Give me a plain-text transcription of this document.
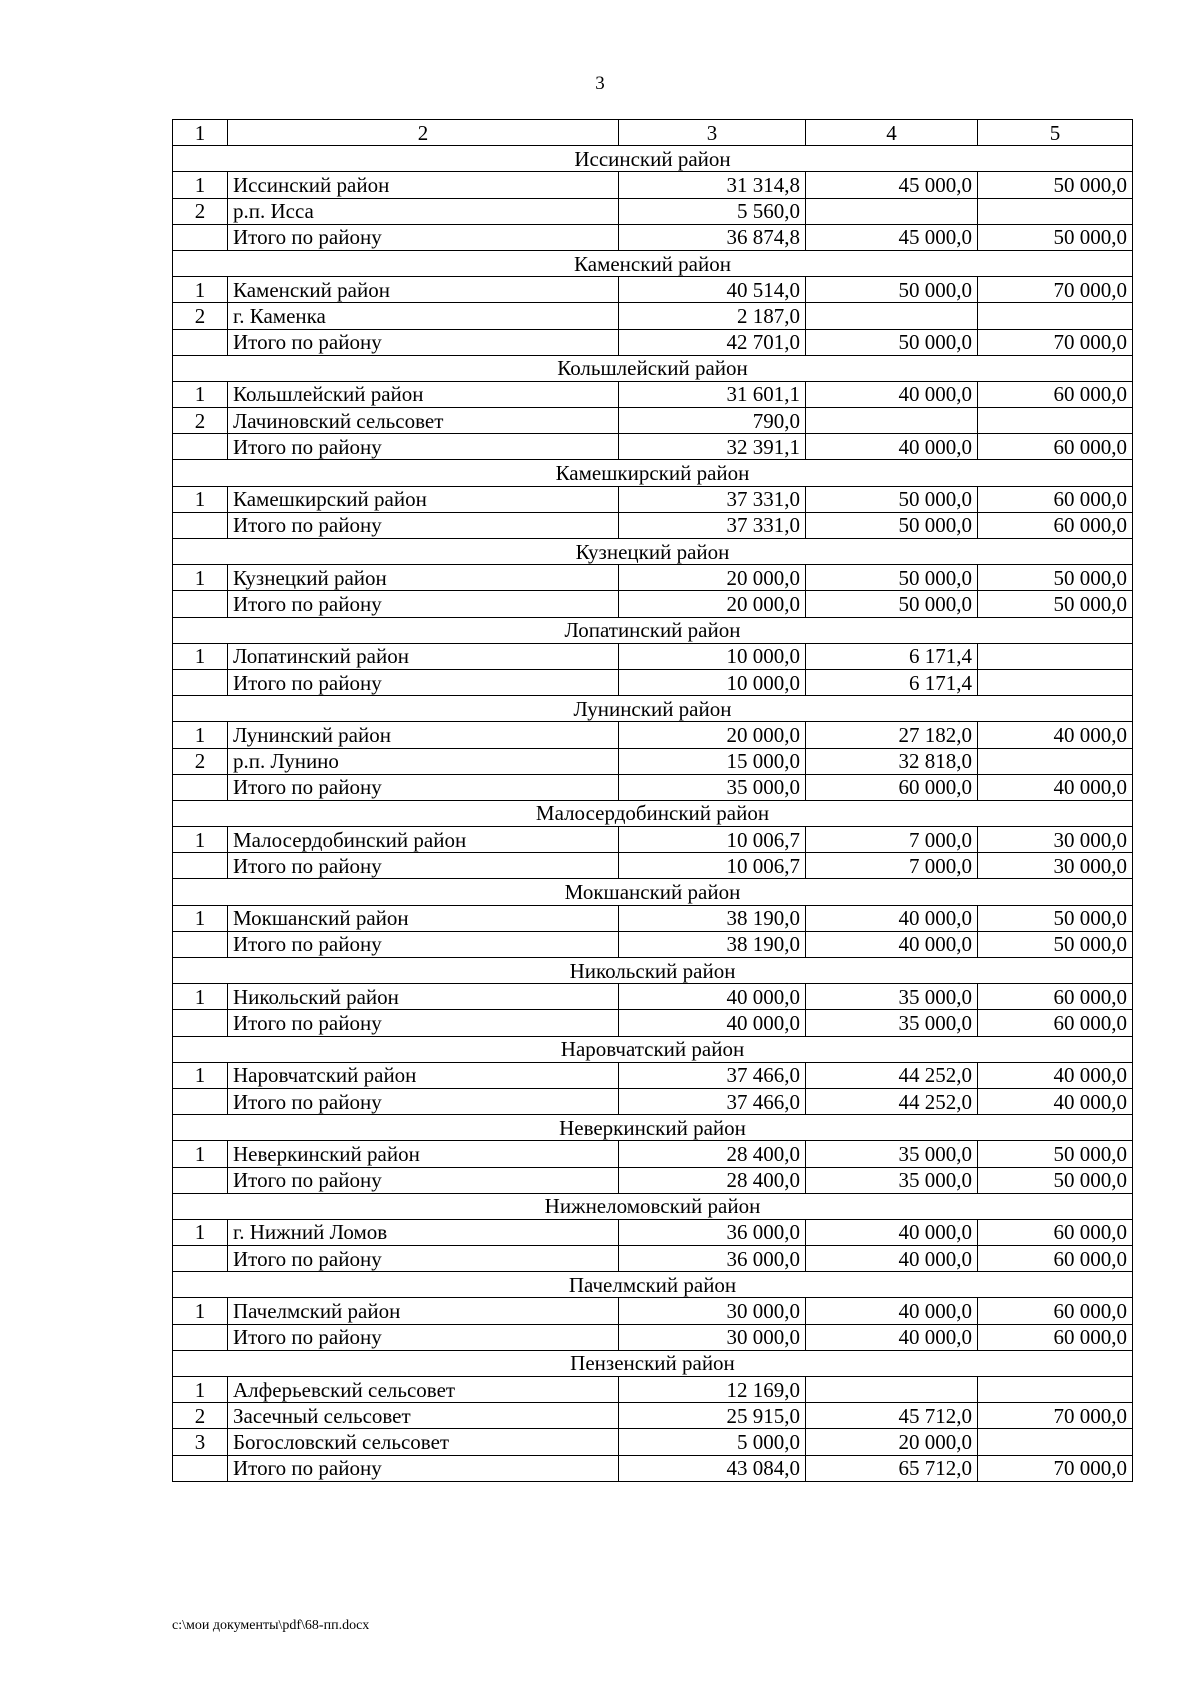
3
1	2	3	4	5
Иссинский район				
1	Иссинский район	31 314,8	45 000,0	50 000,0
2	р.п. Исса	5 560,0		
	Итого по району	36 874,8	45 000,0	50 000,0
Каменский район				
1	Каменский район	40 514,0	50 000,0	70 000,0
2	г. Каменка	2 187,0		
	Итого по району	42 701,0	50 000,0	70 000,0
Кольшлейский район				
1	Кольшлейский район	31 601,1	40 000,0	60 000,0
2	Лачиновский сельсовет	790,0		
	Итого по району	32 391,1	40 000,0	60 000,0
Камешкирский район				
1	Камешкирский район	37 331,0	50 000,0	60 000,0
	Итого по району	37 331,0	50 000,0	60 000,0
Кузнецкий район				
1	Кузнецкий район	20 000,0	50 000,0	50 000,0
	Итого по району	20 000,0	50 000,0	50 000,0
Лопатинский район				
1	Лопатинский район	10 000,0	6 171,4	
	Итого по району	10 000,0	6 171,4	
Лунинский район				
1	Лунинский район	20 000,0	27 182,0	40 000,0
2	р.п. Лунино	15 000,0	32 818,0	
	Итого по району	35 000,0	60 000,0	40 000,0
Малосердобинский район				
1	Малосердобинский район	10 006,7	7 000,0	30 000,0
	Итого по району	10 006,7	7 000,0	30 000,0
Мокшанский район				
1	Мокшанский район	38 190,0	40 000,0	50 000,0
	Итого по району	38 190,0	40 000,0	50 000,0
Никольский район				
1	Никольский район	40 000,0	35 000,0	60 000,0
	Итого по району	40 000,0	35 000,0	60 000,0
Наровчатский район				
1	Наровчатский район	37 466,0	44 252,0	40 000,0
	Итого по району	37 466,0	44 252,0	40 000,0
Неверкинский район				
1	Неверкинский район	28 400,0	35 000,0	50 000,0
	Итого по району	28 400,0	35 000,0	50 000,0
Нижнеломовский район				
1	г. Нижний Ломов	36 000,0	40 000,0	60 000,0
	Итого по району	36 000,0	40 000,0	60 000,0
Пачелмский район				
1	Пачелмский район	30 000,0	40 000,0	60 000,0
	Итого по району	30 000,0	40 000,0	60 000,0
Пензенский район				
1	Алферьевский сельсовет	12 169,0		
2	Засечный сельсовет	25 915,0	45 712,0	70 000,0
3	Богословский сельсовет	5 000,0	20 000,0	
	Итого по району	43 084,0	65 712,0	70 000,0
c:\мои документы\pdf\68-пп.docx
